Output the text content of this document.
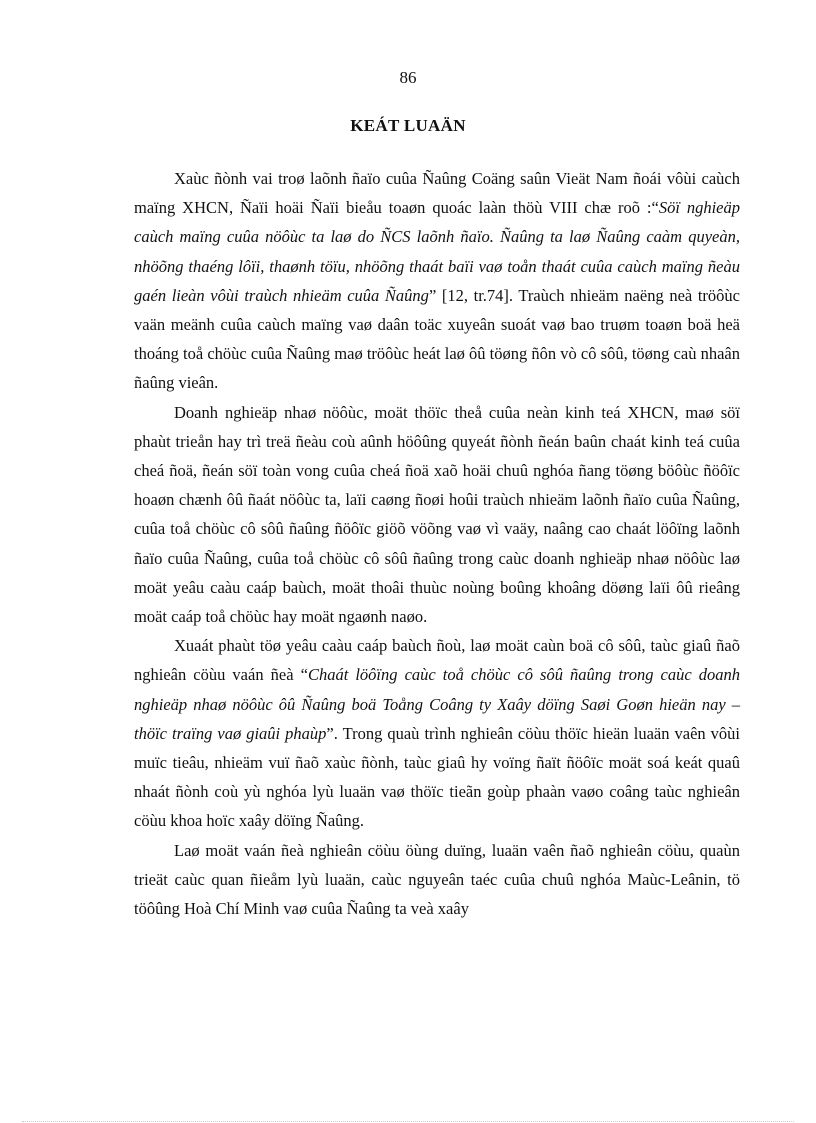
86
KEÁT LUAÄN

Xaùc ñònh vai troø laõnh ñaïo cuûa Ñaûng Coäng saûn Vieät Nam ñoái vôùi caùch maïng XHCN, Ñaïi hoäi Ñaïi bieåu toaøn quoác laàn thöù VIII chæ roõ :“Söï nghieäp caùch maïng cuûa nöôùc ta laø do ÑCS laõnh ñaïo. Ñaûng ta laø Ñaûng caàm quyeàn, nhöõng thaéng lôïi, thaønh töïu, nhöõng thaát baïi vaø toån thaát cuûa caùch maïng ñeàu gaén lieàn vôùi traùch nhieäm cuûa Ñaûng” [12, tr.74]. Traùch nhieäm naëng neà tröôùc vaän meänh cuûa caùch maïng vaø daân toäc xuyeân suoát vaø bao truøm toaøn boä heä thoáng toå chöùc cuûa Ñaûng maø tröôùc heát laø ôû töøng ñôn vò cô sôû, töøng caù nhaân ñaûng vieân.

Doanh nghieäp nhaø nöôùc, moät thöïc theå cuûa neàn kinh teá XHCN, maø söï phaùt trieån hay trì treä ñeàu coù aûnh höôûng quyeát ñònh ñeán baûn chaát kinh teá cuûa cheá ñoä, ñeán söï toàn vong cuûa cheá ñoä xaõ hoäi chuû nghóa ñang töøng böôùc ñöôïc hoaøn chænh ôû ñaát nöôùc ta, laïi caøng ñoøi hoûi traùch nhieäm laõnh ñaïo cuûa Ñaûng, cuûa toå chöùc cô sôû ñaûng ñöôïc giöõ vöõng vaø vì vaäy, naâng cao chaát löôïng laõnh ñaïo cuûa Ñaûng, cuûa toå chöùc cô sôû ñaûng trong caùc doanh nghieäp nhaø nöôùc laø moät yeâu caàu caáp baùch, moät thoâi thuùc noùng boûng khoâng döøng laïi ôû rieâng moät caáp toå chöùc hay moät ngaønh naøo.

Xuaát phaùt töø yeâu caàu caáp baùch ñoù, laø moät caùn boä cô sôû, taùc giaû ñaõ nghieân cöùu vaán ñeà “Chaát löôïng caùc toå chöùc cô sôû ñaûng trong caùc doanh nghieäp nhaø nöôùc ôû Ñaûng boä Toång Coâng ty Xaây döïng Saøi Goøn hieän nay – thöïc traïng vaø giaûi phaùp”. Trong quaù trình nghieân cöùu thöïc hieän luaän vaên vôùi muïc tieâu, nhieäm vuï ñaõ xaùc ñònh, taùc giaû hy voïng ñaït ñöôïc moät soá keát quaû nhaát ñònh coù yù nghóa lyù luaän vaø thöïc tieãn goùp phaàn vaøo coâng taùc nghieân cöùu khoa hoïc xaây döïng Ñaûng.

Laø moät vaán ñeà nghieân cöùu öùng duïng, luaän vaên ñaõ nghieân cöùu, quaùn trieät caùc quan ñieåm lyù luaän, caùc nguyeân taéc cuûa chuû nghóa Maùc-Leânin, tö töôûng Hoà Chí Minh vaø cuûa Ñaûng ta veà xaây
